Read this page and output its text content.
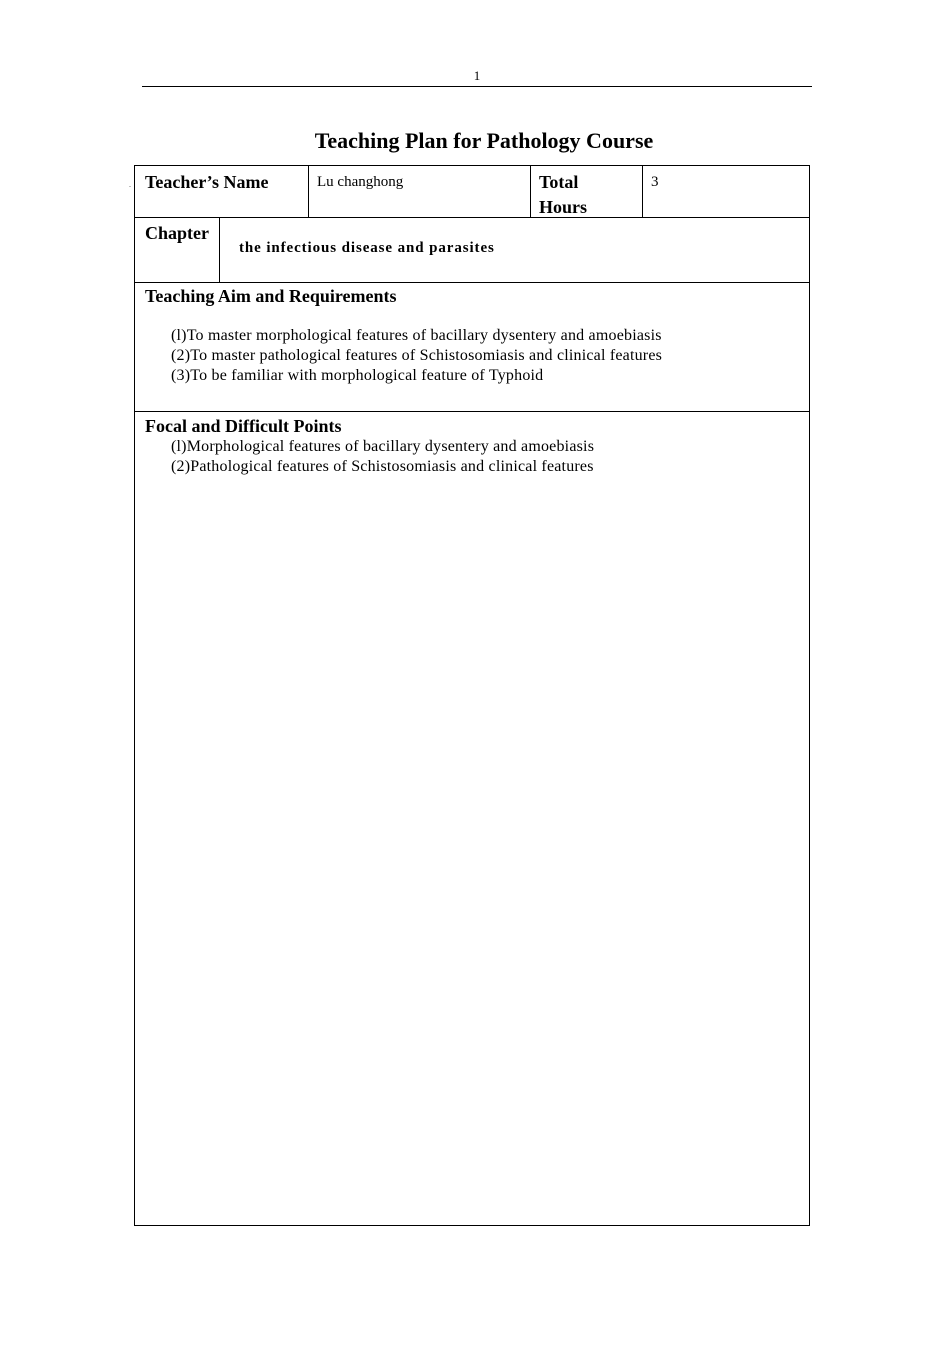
1
.
Teaching Plan for Pathology Course
Teacher’s Name	Lu changhong	Total
Hours
3
Chapter
the infectious disease and parasites
Teaching Aim and Requirements
(l)To master morphological features of bacillary dysentery and amoebiasis
(2)To master pathological features of Schistosomiasis and clinical features
(3)To be familiar with morphological feature of Typhoid
Focal and Difficult Points
(l)Morphological features of bacillary dysentery and amoebiasis
(2)Pathological features of Schistosomiasis and clinical features
